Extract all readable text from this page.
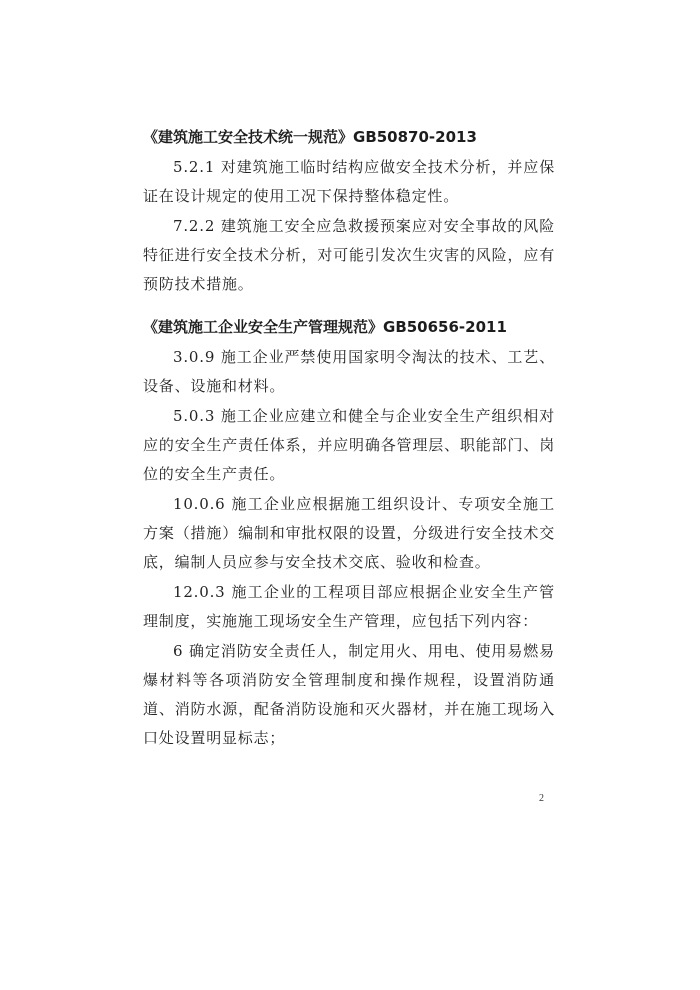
《建筑施工安全技术统一规范》GB50870-2013

5.2.1 对建筑施工临时结构应做安全技术分析，并应保证在设计规定的使用工况下保持整体稳定性。

7.2.2 建筑施工安全应急救援预案应对安全事故的风险特征进行安全技术分析，对可能引发次生灾害的风险，应有预防技术措施。

《建筑施工企业安全生产管理规范》GB50656-2011

3.0.9 施工企业严禁使用国家明令淘汰的技术、工艺、设备、设施和材料。

5.0.3 施工企业应建立和健全与企业安全生产组织相对应的安全生产责任体系，并应明确各管理层、职能部门、岗位的安全生产责任。

10.0.6 施工企业应根据施工组织设计、专项安全施工方案（措施）编制和审批权限的设置，分级进行安全技术交底，编制人员应参与安全技术交底、验收和检查。

12.0.3 施工企业的工程项目部应根据企业安全生产管理制度，实施施工现场安全生产管理，应包括下列内容：

6 确定消防安全责任人，制定用火、用电、使用易燃易爆材料等各项消防安全管理制度和操作规程，设置消防通道、消防水源，配备消防设施和灭火器材，并在施工现场入口处设置明显标志；

2
